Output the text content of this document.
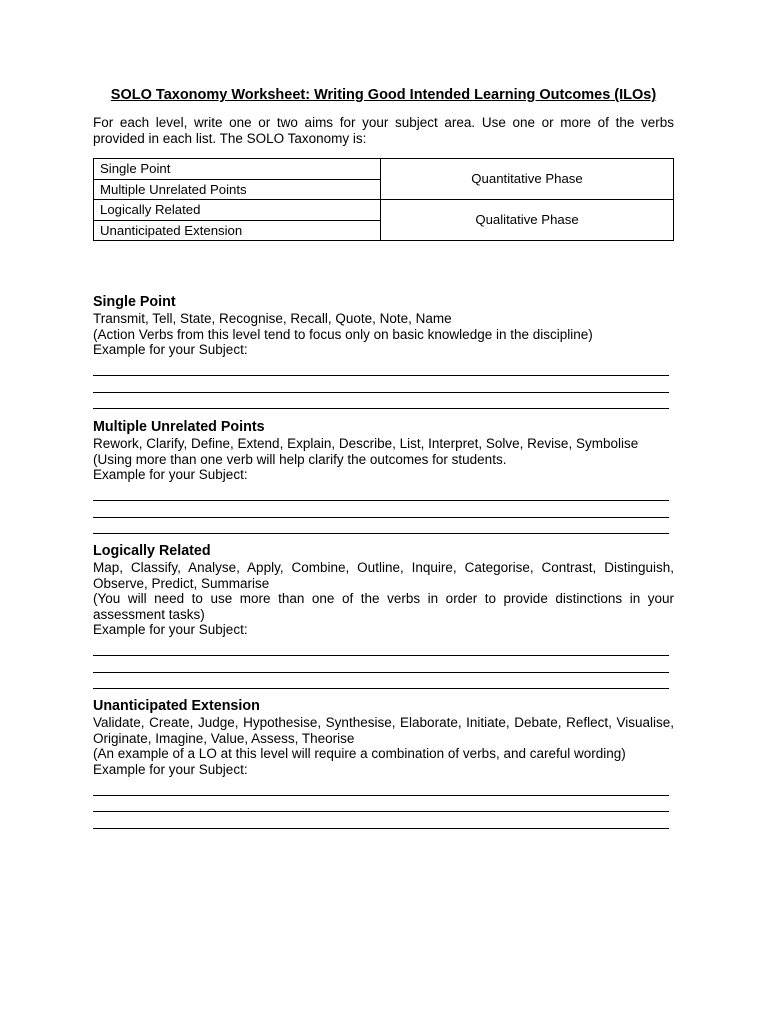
SOLO Taxonomy Worksheet: Writing Good Intended Learning Outcomes (ILOs)

For each level, write one or two aims for your subject area. Use one or more of the verbs provided in each list. The SOLO Taxonomy is:
Single Point	Quantitative Phase
Multiple Unrelated Points	
Logically Related	Qualitative Phase
Unanticipated Extension	
Single Point
Transmit, Tell, State, Recognise, Recall, Quote, Note, Name
(Action Verbs from this level tend to focus only on basic knowledge in the discipline)
Example for your Subject:
Multiple Unrelated Points
Rework, Clarify, Define, Extend, Explain, Describe, List, Interpret, Solve, Revise, Symbolise
(Using more than one verb will help clarify the outcomes for students.
Example for your Subject:
Logically Related
Map, Classify, Analyse, Apply, Combine, Outline, Inquire, Categorise, Contrast, Distinguish, Observe, Predict, Summarise
(You will need to use more than one of the verbs in order to provide distinctions in your assessment tasks)
Example for your Subject:
Unanticipated Extension
Validate, Create, Judge, Hypothesise, Synthesise, Elaborate, Initiate, Debate, Reflect, Visualise, Originate, Imagine, Value, Assess, Theorise
(An example of a LO at this level will require a combination of verbs, and careful wording)
Example for your Subject:
